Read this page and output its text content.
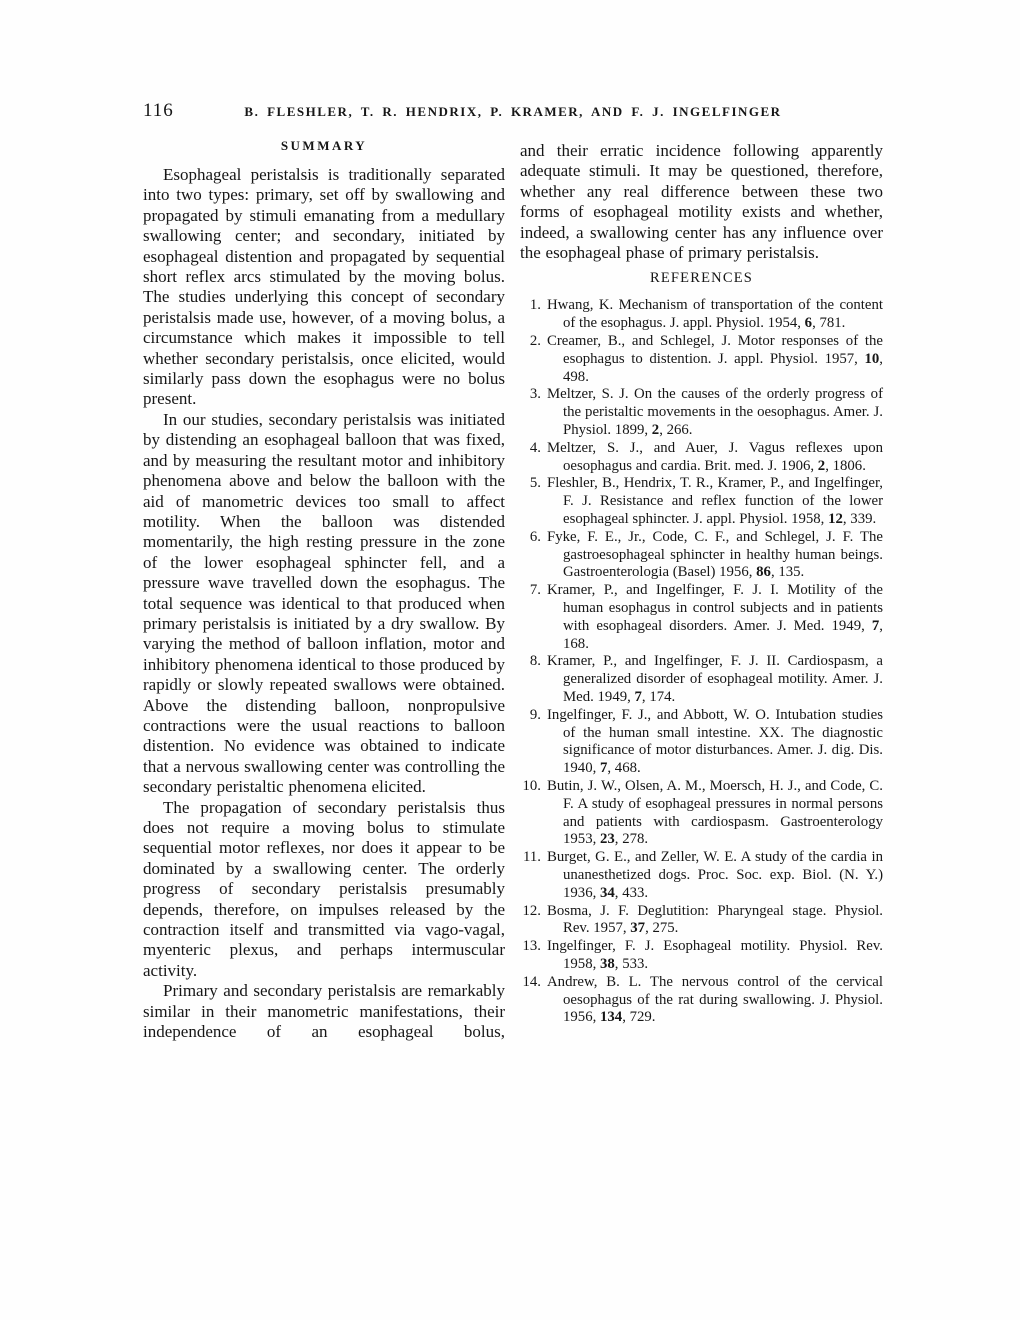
116	B. FLESHLER, T. R. HENDRIX, P. KRAMER, AND F. J. INGELFINGER
SUMMARY

Esophageal peristalsis is traditionally separated into two types: primary, set off by swallowing and propagated by stimuli emanating from a medullary swallowing center; and secondary, initiated by esophageal distention and propagated by sequential short reflex arcs stimulated by the moving bolus. The studies underlying this concept of secondary peristalsis made use, however, of a moving bolus, a circumstance which makes it impossible to tell whether secondary peristalsis, once elicited, would similarly pass down the esophagus were no bolus present.

In our studies, secondary peristalsis was initiated by distending an esophageal balloon that was fixed, and by measuring the resultant motor and inhibitory phenomena above and below the balloon with the aid of manometric devices too small to affect motility. When the balloon was distended momentarily, the high resting pressure in the zone of the lower esophageal sphincter fell, and a pressure wave travelled down the esophagus. The total sequence was identical to that produced when primary peristalsis is initiated by a dry swallow. By varying the method of balloon inflation, motor and inhibitory phenomena identical to those produced by rapidly or slowly repeated swallows were obtained. Above the distending balloon, nonpropulsive contractions were the usual reactions to balloon distention. No evidence was obtained to indicate that a nervous swallowing center was controlling the secondary peristaltic phenomena elicited.

The propagation of secondary peristalsis thus does not require a moving bolus to stimulate sequential motor reflexes, nor does it appear to be dominated by a swallowing center. The orderly progress of secondary peristalsis presumably depends, therefore, on impulses released by the contraction itself and transmitted via vago-vagal, myenteric plexus, and perhaps intermuscular activity.

Primary and secondary peristalsis are remarkably similar in their manometric manifestations, their independence of an esophageal bolus,

and their erratic incidence following apparently adequate stimuli. It may be questioned, therefore, whether any real difference between these two forms of esophageal motility exists and whether, indeed, a swallowing center has any influence over the esophageal phase of primary peristalsis.

REFERENCES
1. Hwang, K. Mechanism of transportation of the content of the esophagus. J. appl. Physiol. 1954, 6, 781.
2. Creamer, B., and Schlegel, J. Motor responses of the esophagus to distention. J. appl. Physiol. 1957, 10, 498.
3. Meltzer, S. J. On the causes of the orderly progress of the peristaltic movements in the oesophagus. Amer. J. Physiol. 1899, 2, 266.
4. Meltzer, S. J., and Auer, J. Vagus reflexes upon oesophagus and cardia. Brit. med. J. 1906, 2, 1806.
5. Fleshler, B., Hendrix, T. R., Kramer, P., and Ingelfinger, F. J. Resistance and reflex function of the lower esophageal sphincter. J. appl. Physiol. 1958, 12, 339.
6. Fyke, F. E., Jr., Code, C. F., and Schlegel, J. F. The gastroesophageal sphincter in healthy human beings. Gastroenterologia (Basel) 1956, 86, 135.
7. Kramer, P., and Ingelfinger, F. J. I. Motility of the human esophagus in control subjects and in patients with esophageal disorders. Amer. J. Med. 1949, 7, 168.
8. Kramer, P., and Ingelfinger, F. J. II. Cardiospasm, a generalized disorder of esophageal motility. Amer. J. Med. 1949, 7, 174.
9. Ingelfinger, F. J., and Abbott, W. O. Intubation studies of the human small intestine. XX. The diagnostic significance of motor disturbances. Amer. J. dig. Dis. 1940, 7, 468.
10. Butin, J. W., Olsen, A. M., Moersch, H. J., and Code, C. F. A study of esophageal pressures in normal persons and patients with cardiospasm. Gastroenterology 1953, 23, 278.
11. Burget, G. E., and Zeller, W. E. A study of the cardia in unanesthetized dogs. Proc. Soc. exp. Biol. (N. Y.) 1936, 34, 433.
12. Bosma, J. F. Deglutition: Pharyngeal stage. Physiol. Rev. 1957, 37, 275.
13. Ingelfinger, F. J. Esophageal motility. Physiol. Rev. 1958, 38, 533.
14. Andrew, B. L. The nervous control of the cervical oesophagus of the rat during swallowing. J. Physiol. 1956, 134, 729.
